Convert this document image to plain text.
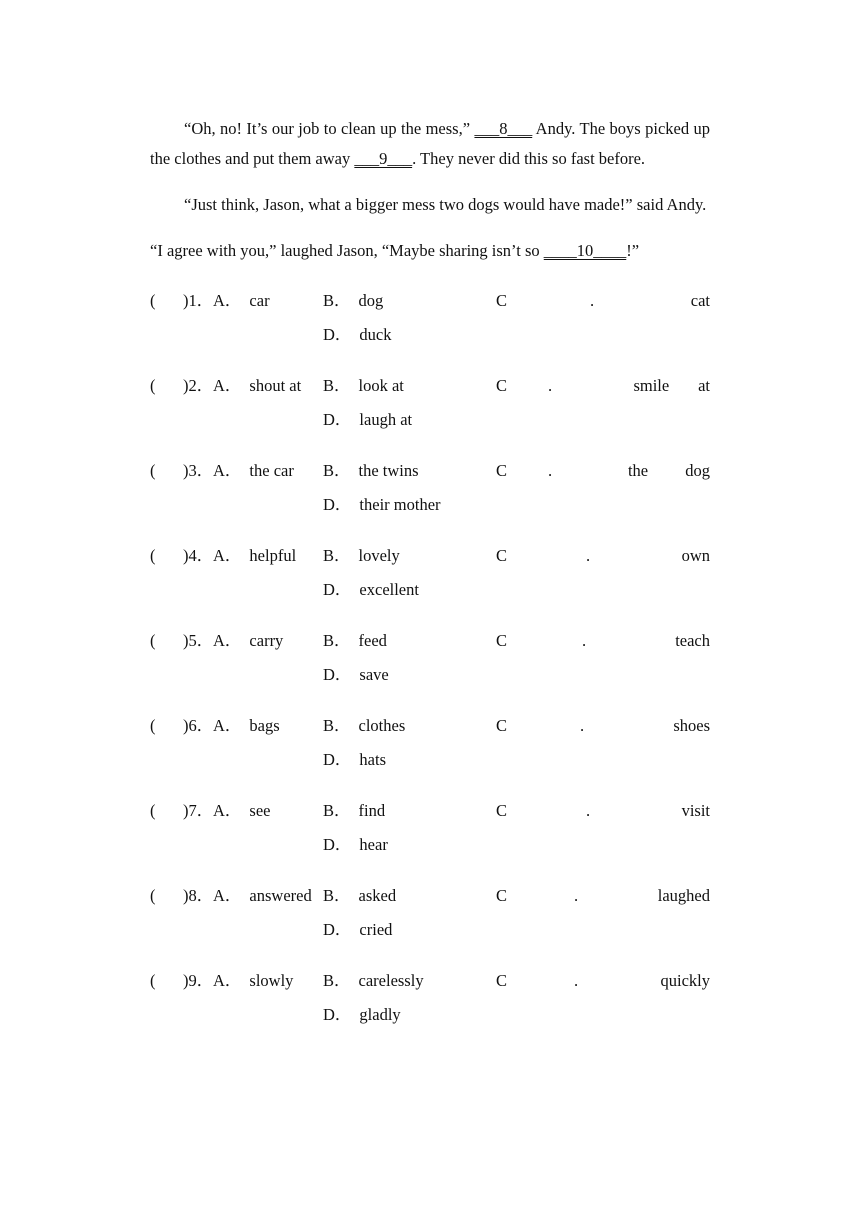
“Oh, no! It’s our job to clean up the mess,” ___8___ Andy. The boys picked up the clothes and put them away ___9___. They never did this so fast before.

“Just think, Jason, what a bigger mess two dogs would have made!” said Andy.

“I agree with you,” laughed Jason, “Maybe sharing isn’t so ____10____!”

( )1． A． car	B． dog	C	.	cat
D． duck
( )2． A． shout at B． look at	C .	smile       at
D． laugh at
( )3． A． the car B． the twins	C .	the         dog
D． their mother
( )4． A． helpful B． lovely	C	.	own
D． excellent
( )5． A． carry B． feed	C	.	teach
D． save
( )6． A． bags	B． clothes	C	.	shoes
D． hats
( )7． A． see	B． find	C	.	visit
D． hear
( )8． A． answered B． asked	C	.	laughed
D． cried
( )9． A． slowly B． carelessly	C	.	quickly
D． gladly
